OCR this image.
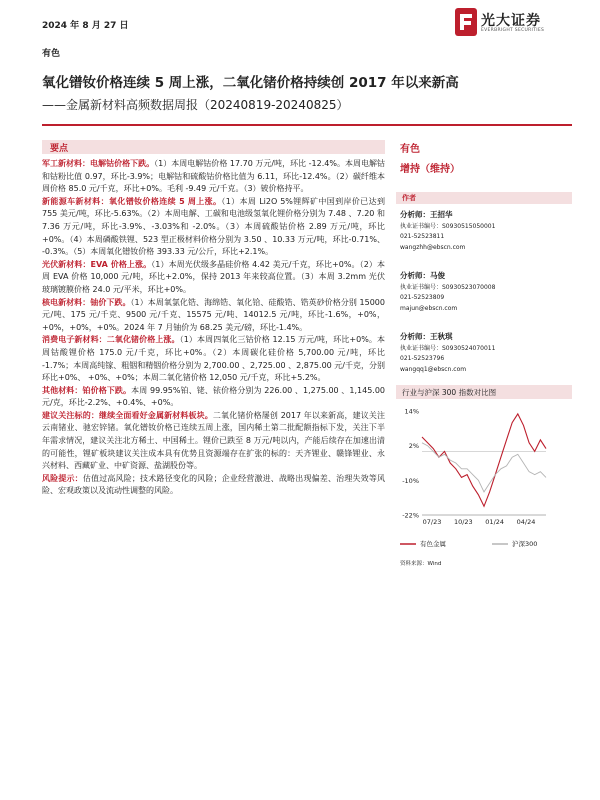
2024 年 8 月 27 日	光大证券
EVERBRIGHT SECURITIES
有色
氧化镨钕价格连续 5 周上涨，二氧化锗价格持续创 2017 年以来新高
——金属新材料高频数据周报（20240819-20240825）
要点

军工新材料：电解钴价格下跌。（1）本周电解钴价格 17.70 万元/吨，环比 -12.4%。本周电解钴和钴粉比值 0.97，环比-3.9%；电解钴和硫酸钴价格比值为 6.11，环比-12.4%。（2）碳纤维本周价格 85.0 元/千克，环比+0%。毛利 -9.49 元/千克。（3）铍价格持平。

新能源车新材料：氧化镨钕价格连续 5 周上涨。（1）本周 Li2O 5%锂辉矿中国到岸价已达到 755 美元/吨，环比-5.63%。（2）本周电解、工碳和电池级氢氧化锂价格分别为 7.48 、7.20 和 7.36 万元/吨，环比-3.9%、-3.03%和 -2.0%。（3）本周硫酸钴价格 2.89 万元/吨，环比+0%。（4）本周磷酸铁锂、523 型正极材料价格分别为 3.50 、10.33 万元/吨，环比-0.71%、 -0.3%。（5）本周氧化镨钕价格 393.33 元/公斤，环比+2.1%。

光伏新材料：EVA 价格上涨。（1）本周光伏级多晶硅价格 4.42 美元/千克，环比+0%。（2）本周 EVA 价格 10,000 元/吨，环比+2.0%，保持 2013 年来较高位置。（3）本周 3.2mm 光伏玻璃镀膜价格 24.0 元/平米，环比+0%。

核电新材料：铀价下跌。（1）本周氧氯化锆、海绵锆、氧化铪、硅酸锆、锆英砂价格分别 15000 元/吨、175 元/千克、9500 元/千克、15575 元/吨、14012.5 元/吨，环比-1.6%，+0%，+0%，+0%，+0%。2024 年 7 月铀价为 68.25 美元/磅，环比-1.4%。

消费电子新材料：二氧化锗价格上涨。（1）本周四氧化三钴价格 12.15 万元/吨，环比+0%。本周钴酸锂价格 175.0 元/千克，环比+0%。（2）本周碳化硅价格 5,700.00 元/吨，环比 -1.7%；本周高纯镓、粗铟和精铟价格分别为 2,700.00 、2,725.00 、2,875.00 元/千克，分别环比+0%、 +0%、+0%；本周二氧化锗价格 12,050 元/千克，环比+5.2%。

其他材料：铂价格下跌。本周 99.95%铂、铑、铱价格分别为 226.00 、1,275.00 、1,145.00 元/克，环比-2.2%、+0.4%、+0%。

建议关注标的：继续全面看好金属新材料板块。二氧化锗价格屡创 2017 年以来新高，建议关注云南锗业、驰宏锌锗。氧化镨钕价格已连续五周上涨，国内稀土第二批配额指标下发，关注下半年需求情况，建议关注北方稀土、中国稀土。锂价已跌至 8 万元/吨以内，产能后续存在加速出清的可能性，锂矿板块建议关注成本具有优势且资源端存在扩张的标的：天齐锂业、赣锋锂业、永兴材料、西藏矿业、中矿资源、盐湖股份等。

风险提示：估值过高风险；技术路径变化的风险；企业经营激进、战略出现偏差、治理失效等风险、宏观政策以及流动性调整的风险。

有色
增持（维持）
作者
分析师：王招华
执业证书编号：S0930515050001
021-52523811
wangzhh@ebscn.com
分析师：马俊
执业证书编号：S0930523070008
021-52523809
majun@ebscn.com
分析师：王秋琪
执业证书编号：S0930524070011
021-52523796
wangqq1@ebscn.com
行业与沪深 300 指数对比图
14%
2%
-10%
-22%
07/23 10/23 01/24 04/24
有色金属	沪深300
资料来源：Wind
